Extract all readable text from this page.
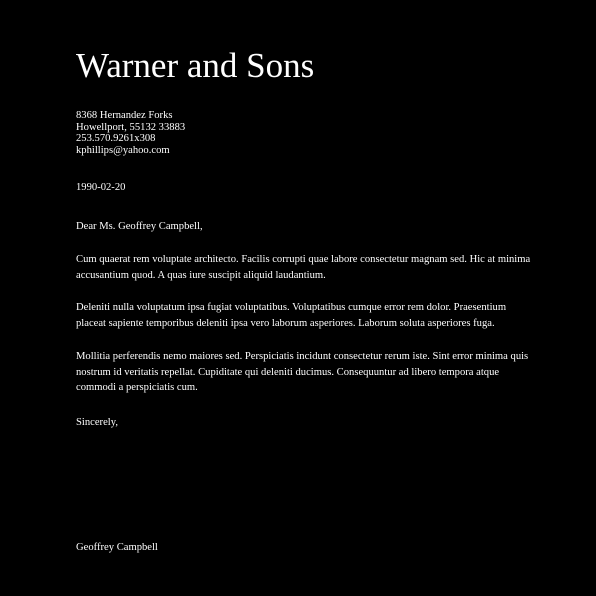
Warner and Sons
8368 Hernandez Forks
Howellport, 55132 33883
253.570.9261x308
kphillips@yahoo.com

1990-02-20

Dear Ms. Geoffrey Campbell,

Cum quaerat rem voluptate architecto. Facilis corrupti quae labore consectetur magnam sed. Hic at minima accusantium quod. A quas iure suscipit aliquid laudantium.

Deleniti nulla voluptatum ipsa fugiat voluptatibus. Voluptatibus cumque error rem dolor. Praesentium placeat sapiente temporibus deleniti ipsa vero laborum asperiores. Laborum soluta asperiores fuga.

Mollitia perferendis nemo maiores sed. Perspiciatis incidunt consectetur rerum iste. Sint error minima quis nostrum id veritatis repellat. Cupiditate qui deleniti ducimus. Consequuntur ad libero tempora atque commodi a perspiciatis cum.

Sincerely,

Geoffrey Campbell
